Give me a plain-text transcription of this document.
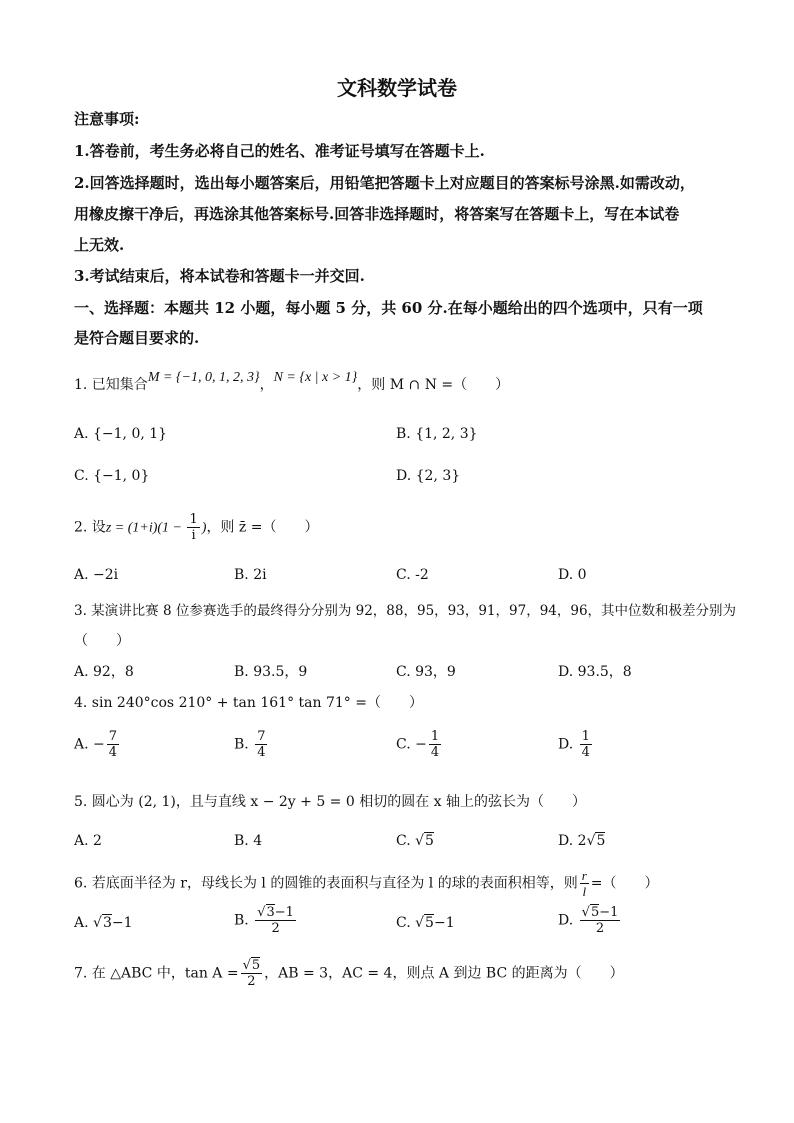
文科数学试卷
注意事项:
1.答卷前，考生务必将自己的姓名、准考证号填写在答题卡上.
2.回答选择题时，选出每小题答案后，用铅笔把答题卡上对应题目的答案标号涂黑.如需改动，
用橡皮擦干净后，再选涂其他答案标号.回答非选择题时，将答案写在答题卡上，写在本试卷
上无效.
3.考试结束后，将本试卷和答题卡一并交回.
一、选择题：本题共 12 小题，每小题 5 分，共 60 分.在每小题给出的四个选项中，只有一项
是符合题目要求的.
1. 已知集合M = {−1, 0, 1, 2, 3}，N = {x | x > 1}，则 M ∩ N =（　　）
A. {−1, 0, 1}	B. {1, 2, 3}
C. {−1, 0}	D. {2, 3}
2. 设$z = (1+i)(1 - \frac{1}{i}$ )，则 z̄ =（　　）
A. −2i	B. 2i	C. -2	D. 0
3. 某演讲比赛 8 位参赛选手的最终得分分别为 92，88，95，93，91，97，94，96，其中位数和极差分别为
（　　）
A. 92，8	B. 93.5，9	C. 93，9	D. 93.5，8
4. sin 240°cos 210° + tan 161° tan 71° =（　　）
A. − $\frac{7}{4}$	B. $\frac{7}{4}$	C. − $\frac{1}{4}$	D. $\frac{1}{4}$
5. 圆心为 (2, 1)，且与直线 x − 2y + 5 = 0 相切的圆在 x 轴上的弦长为（　　）
A. 2	B. 4	C. √5	D. 2√5
6. 若底面半径为 r，母线长为 l 的圆锥的表面积与直径为 l 的球的表面积相等，则 $\frac{r}{l}$ =（　　）
A. √3−1	B. $\frac{√3-1}{2}$	C. √5−1	D. $\frac{√5-1}{2}$
7. 在 △ABC 中，$\tan A = \frac{√5}{2}$ ，AB = 3，AC = 4，则点 A 到边 BC 的距离为（　　）
